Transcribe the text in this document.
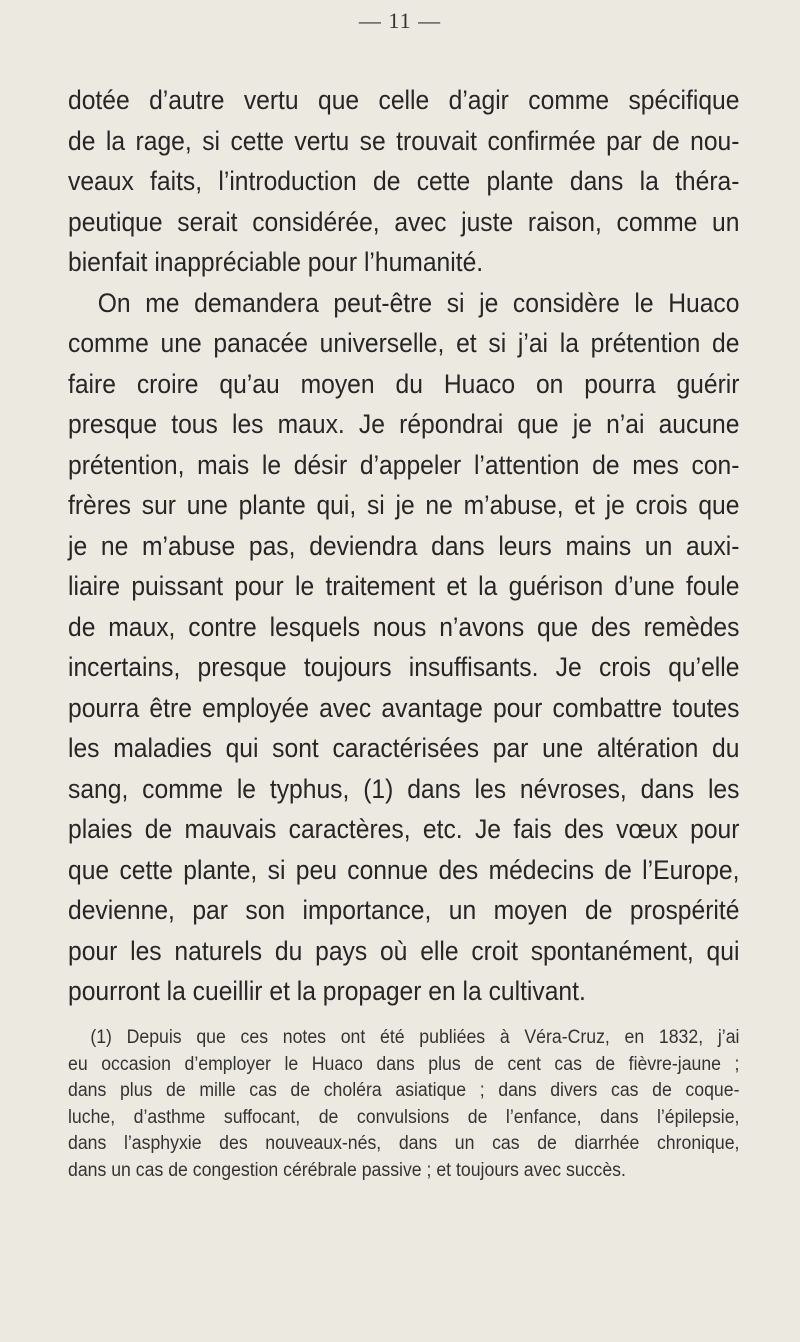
— 11 —
dotée d’autre vertu que celle d’agir comme spécifique
de la rage, si cette vertu se trouvait confirmée par de nou-
veaux faits, l’introduction de cette plante dans la théra-
peutique serait considérée, avec juste raison, comme un
bienfait inappréciable pour l’humanité.
On me demandera peut-être si je considère le Huaco
comme une panacée universelle, et si j’ai la prétention de
faire croire qu’au moyen du Huaco on pourra guérir
presque tous les maux. Je répondrai que je n’ai aucune
prétention, mais le désir d’appeler l’attention de mes con-
frères sur une plante qui, si je ne m’abuse, et je crois que
je ne m’abuse pas, deviendra dans leurs mains un auxi-
liaire puissant pour le traitement et la guérison d’une foule
de maux, contre lesquels nous n’avons que des remèdes
incertains, presque toujours insuffisants. Je crois qu’elle
pourra être employée avec avantage pour combattre toutes
les maladies qui sont caractérisées par une altération du
sang, comme le typhus, (1) dans les névroses, dans les
plaies de mauvais caractères, etc. Je fais des vœux pour
que cette plante, si peu connue des médecins de l’Europe,
devienne, par son importance, un moyen de prospérité
pour les naturels du pays où elle croit spontanément, qui
pourront la cueillir et la propager en la cultivant.
(1) Depuis que ces notes ont été publiées à Véra-Cruz, en 1832, j’ai
eu occasion d’employer le Huaco dans plus de cent cas de fièvre-jaune ;
dans plus de mille cas de choléra asiatique ; dans divers cas de coque-
luche, d’asthme suffocant, de convulsions de l’enfance, dans l’épilepsie,
dans l’asphyxie des nouveaux-nés, dans un cas de diarrhée chronique,
dans un cas de congestion cérébrale passive ; et toujours avec succès.
